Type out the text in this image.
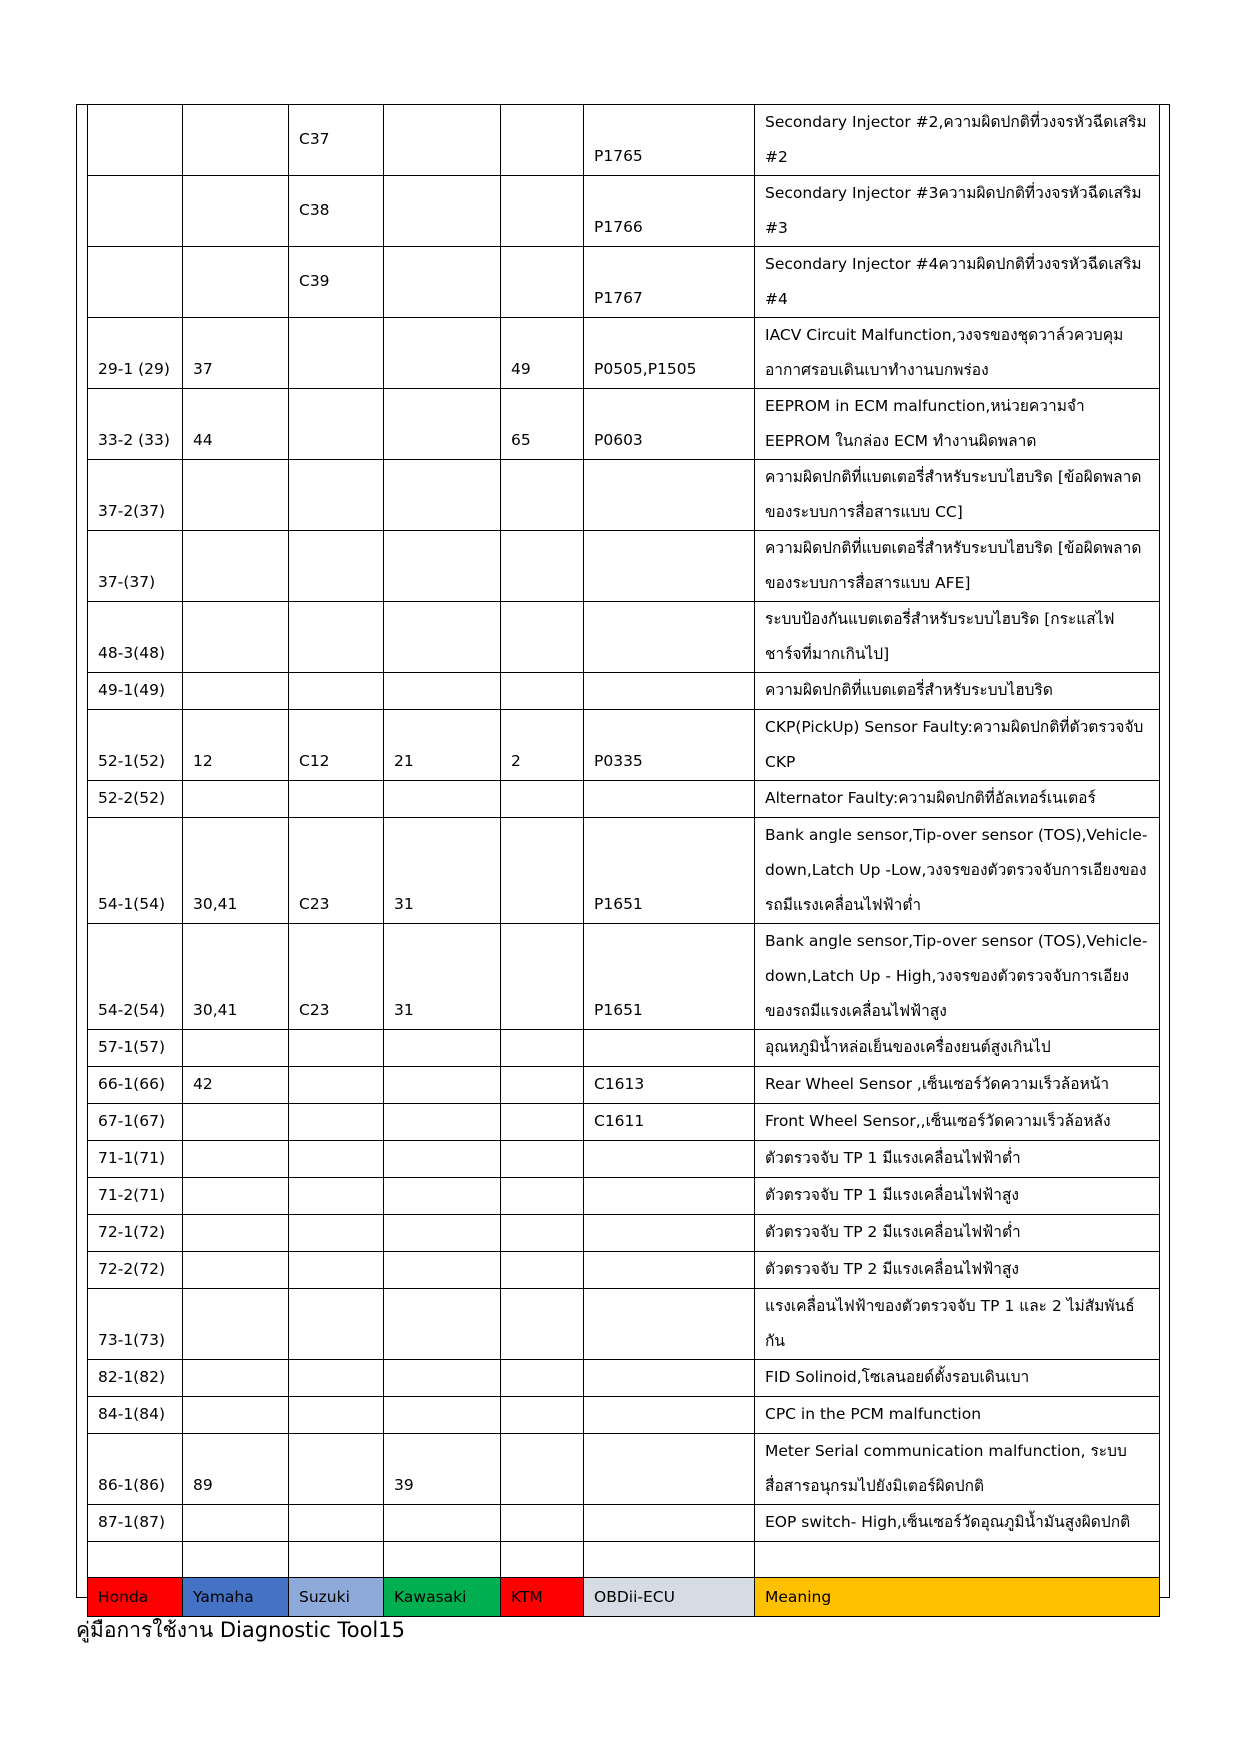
		C37			P1765	Secondary Injector #2,ความผิดปกติที่วงจรหัวฉีดเสริม #2
		C38			P1766	Secondary Injector #3ความผิดปกติที่วงจรหัวฉีดเสริม #3
		C39			P1767	Secondary Injector #4ความผิดปกติที่วงจรหัวฉีดเสริม #4
29-1 (29)	37			49	P0505,P1505	IACV Circuit Malfunction,วงจรของชุดวาล์วควบคุมอากาศรอบเดินเบาทำงานบกพร่อง
33-2 (33)	44			65	P0603	EEPROM in ECM malfunction,หน่วยความจำ EEPROM ในกล่อง ECM ทำงานผิดพลาด
37-2(37)						ความผิดปกติที่แบตเตอรี่สำหรับระบบไฮบริด [ข้อผิดพลาดของระบบการสื่อสารแบบ CC]
37-(37)						ความผิดปกติที่แบตเตอรี่สำหรับระบบไฮบริด [ข้อผิดพลาดของระบบการสื่อสารแบบ AFE]
48-3(48)						ระบบป้องกันแบตเตอรี่สำหรับระบบไฮบริด [กระแสไฟชาร์จที่มากเกินไป]
49-1(49)						ความผิดปกติที่แบตเตอรี่สำหรับระบบไฮบริด
52-1(52)	12	C12	21	2	P0335	CKP(PickUp) Sensor Faulty:ความผิดปกติที่ตัวตรวจจับ CKP
52-2(52)						Alternator Faulty:ความผิดปกติที่อัลเทอร์เนเตอร์
54-1(54)	30,41	C23	31		P1651	Bank angle sensor,Tip-over sensor (TOS),Vehicle-down,Latch Up -Low,วงจรของตัวตรวจจับการเอียงของรถมีแรงเคลื่อนไฟฟ้าต่ำ
54-2(54)	30,41	C23	31		P1651	Bank angle sensor,Tip-over sensor (TOS),Vehicle-down,Latch Up - High,วงจรของตัวตรวจจับการเอียงของรถมีแรงเคลื่อนไฟฟ้าสูง
57-1(57)						อุณหภูมิน้ำหล่อเย็นของเครื่องยนต์สูงเกินไป
66-1(66)	42				C1613	Rear Wheel Sensor ,เซ็นเซอร์วัดความเร็วล้อหน้า
67-1(67)					C1611	Front Wheel Sensor,,เซ็นเซอร์วัดความเร็วล้อหลัง
71-1(71)						ตัวตรวจจับ TP 1 มีแรงเคลื่อนไฟฟ้าต่ำ
71-2(71)						ตัวตรวจจับ TP 1 มีแรงเคลื่อนไฟฟ้าสูง
72-1(72)						ตัวตรวจจับ TP 2 มีแรงเคลื่อนไฟฟ้าต่ำ
72-2(72)						ตัวตรวจจับ TP 2 มีแรงเคลื่อนไฟฟ้าสูง
73-1(73)						แรงเคลื่อนไฟฟ้าของตัวตรวจจับ TP 1 และ 2 ไม่สัมพันธ์กัน
82-1(82)						FID Solinoid,โซเลนอยด์ตั้งรอบเดินเบา
84-1(84)						CPC in the PCM malfunction
86-1(86)	89		39			Meter Serial communication malfunction, ระบบสื่อสารอนุกรมไปยังมิเตอร์ผิดปกติ
87-1(87)						EOP switch- High,เซ็นเซอร์วัดอุณภูมิน้ำมันสูงผิดปกติ

Honda	Yamaha	Suzuki	Kawasaki	KTM	OBDii-ECU	Meaning
คู่มือการใช้งาน Diagnostic Tool15
